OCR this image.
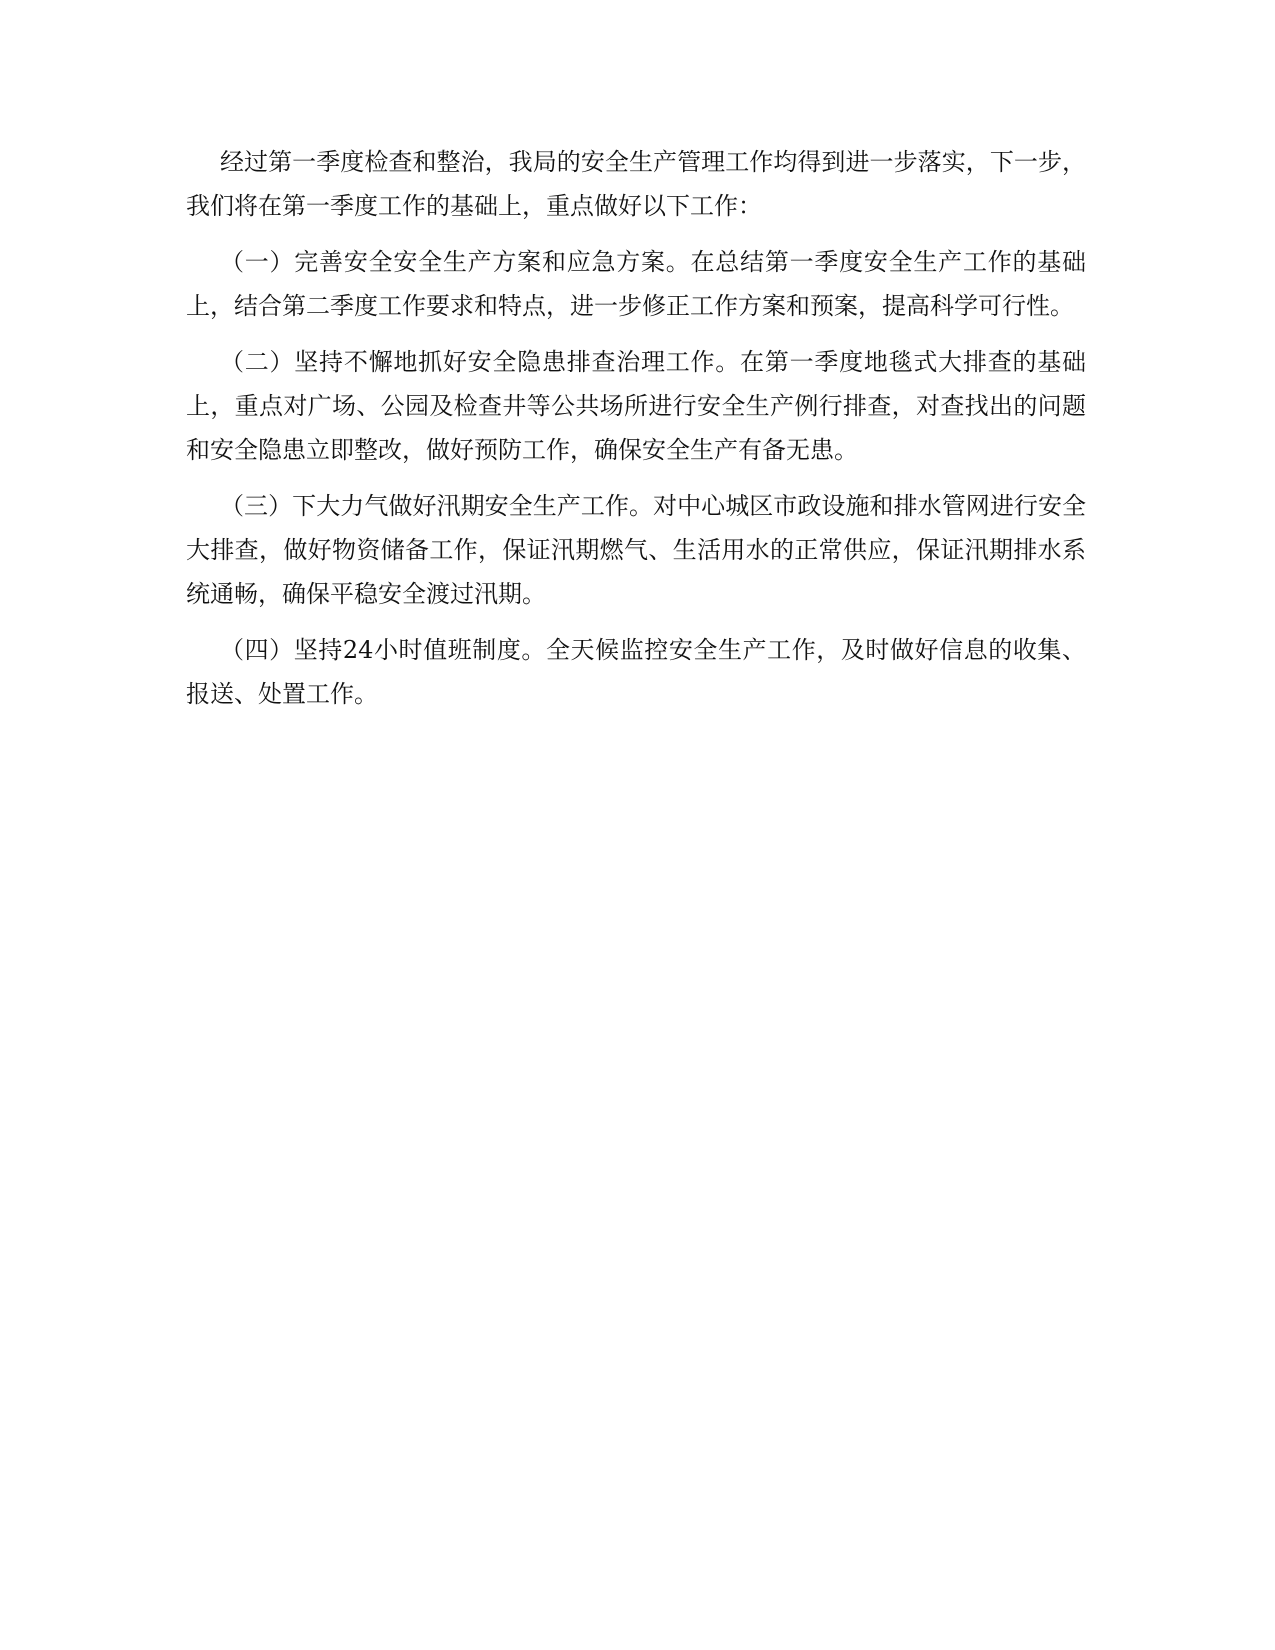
经过第一季度检查和整治，我局的安全生产管理工作均得到进一步落实，下一步，我们将在第一季度工作的基础上，重点做好以下工作：

（一）完善安全安全生产方案和应急方案。在总结第一季度安全生产工作的基础上，结合第二季度工作要求和特点，进一步修正工作方案和预案，提高科学可行性。

（二）坚持不懈地抓好安全隐患排查治理工作。在第一季度地毯式大排查的基础上，重点对广场、公园及检查井等公共场所进行安全生产例行排查，对查找出的问题和安全隐患立即整改，做好预防工作，确保安全生产有备无患。

（三）下大力气做好汛期安全生产工作。对中心城区市政设施和排水管网进行安全大排查，做好物资储备工作，保证汛期燃气、生活用水的正常供应，保证汛期排水系统通畅，确保平稳安全渡过汛期。

（四）坚持24小时值班制度。全天候监控安全生产工作，及时做好信息的收集、报送、处置工作。
